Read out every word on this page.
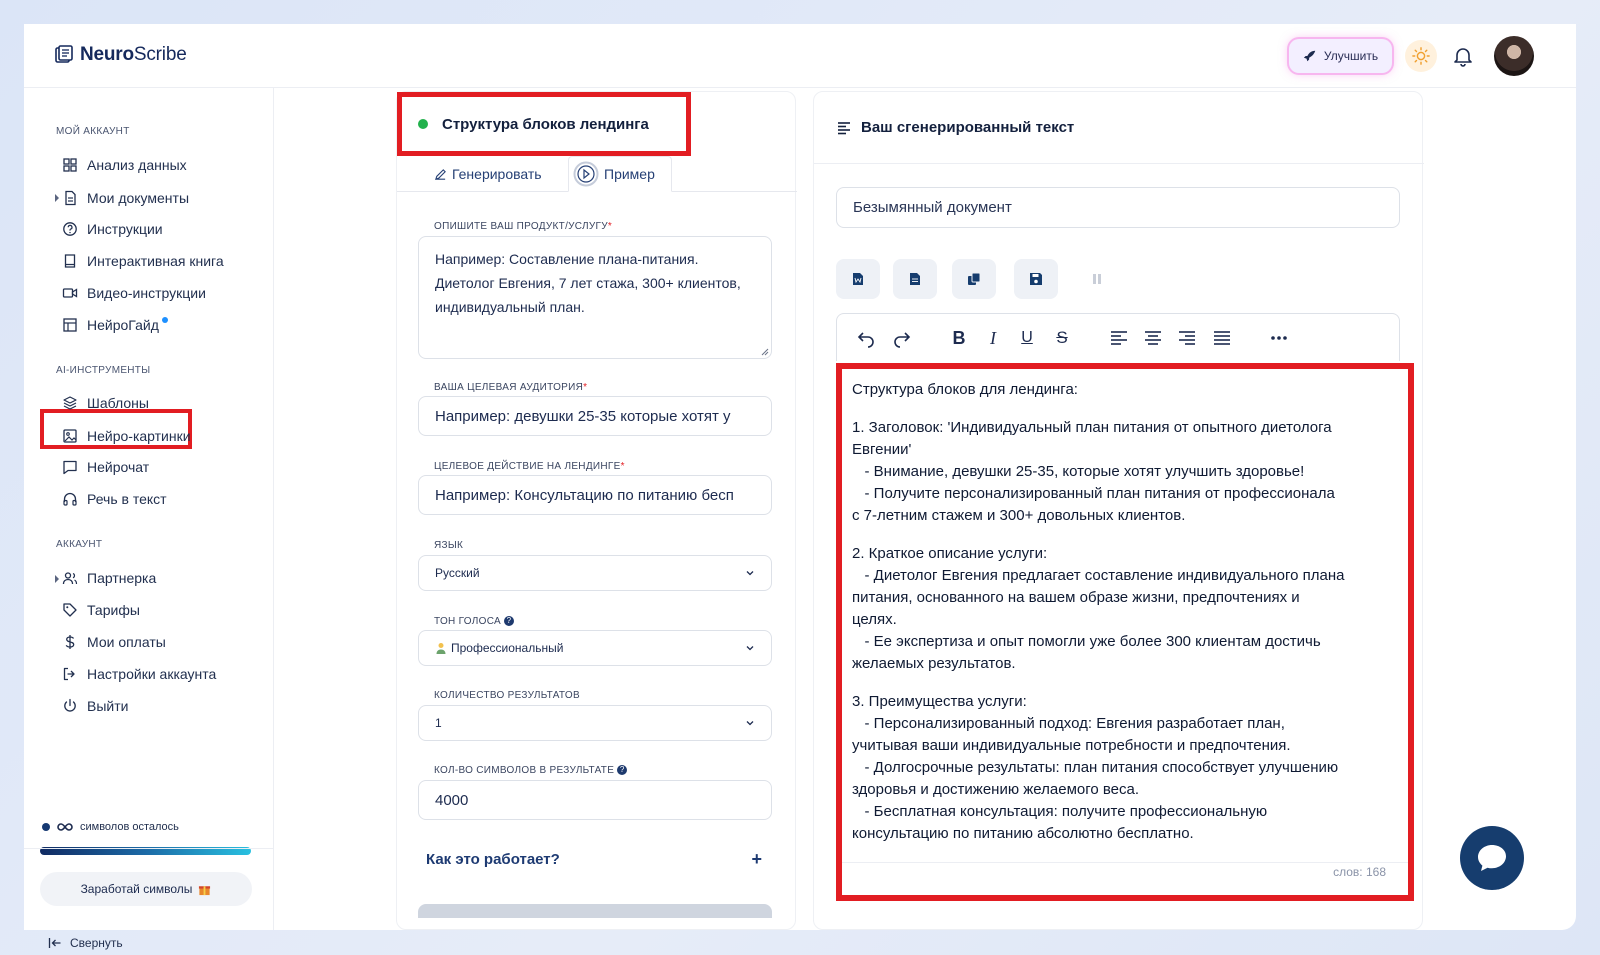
NeuroScribe	Улучшить
МОЙ АККАУНТ
Анализ данных
Мои документы
Инструкции
Интерактивная книга
Видео-инструкции
НейроГайд
AI-ИНСТРУМЕНТЫ
Шаблоны
Нейро-картинки
Нейрочат
Речь в текст
АККАУНТ
Партнерка
Тарифы
Мои оплаты
Настройки аккаунта
Выйти
символов осталось
Заработай символы
Свернуть
Структура блоков лендинга
Генерировать	Пример
ОПИШИТЕ ВАШ ПРОДУКТ/УСЛУГУ*
Например: Составление плана-питания. Диетолог Евгения, 7 лет стажа, 300+ клиентов, индивидуальный план.
ВАША ЦЕЛЕВАЯ АУДИТОРИЯ*
Например: девушки 25-35 которые хотят у
ЦЕЛЕВОЕ ДЕЙСТВИЕ НА ЛЕНДИНГЕ*
Например: Консультацию по питанию бесп
ЯЗЫК
Русский
ТОН ГОЛОСА ?
Профессиональный
КОЛИЧЕСТВО РЕЗУЛЬТАТОВ
1
КОЛ-ВО СИМВОЛОВ В РЕЗУЛЬТАТЕ ?
4000
Как это работает?	+
Ваш сгенерированный текст
Безымянный документ
B I U S
Структура блоков для лендинга:
1. Заголовок: 'Индивидуальный план питания от опытного диетолога
Евгении'
- Внимание, девушки 25-35, которые хотят улучшить здоровье!
- Получите персонализированный план питания от профессионала
с 7-летним стажем и 300+ довольных клиентов.
2. Краткое описание услуги:
- Диетолог Евгения предлагает составление индивидуального плана
питания, основанного на вашем образе жизни, предпочтениях и
целях.
- Ее экспертиза и опыт помогли уже более 300 клиентам достичь
желаемых результатов.
3. Преимущества услуги:
- Персонализированный подход: Евгения разработает план,
учитывая ваши индивидуальные потребности и предпочтения.
- Долгосрочные результаты: план питания способствует улучшению
здоровья и достижению желаемого веса.
- Бесплатная консультация: получите профессиональную
консультацию по питанию абсолютно бесплатно.
слов: 168
